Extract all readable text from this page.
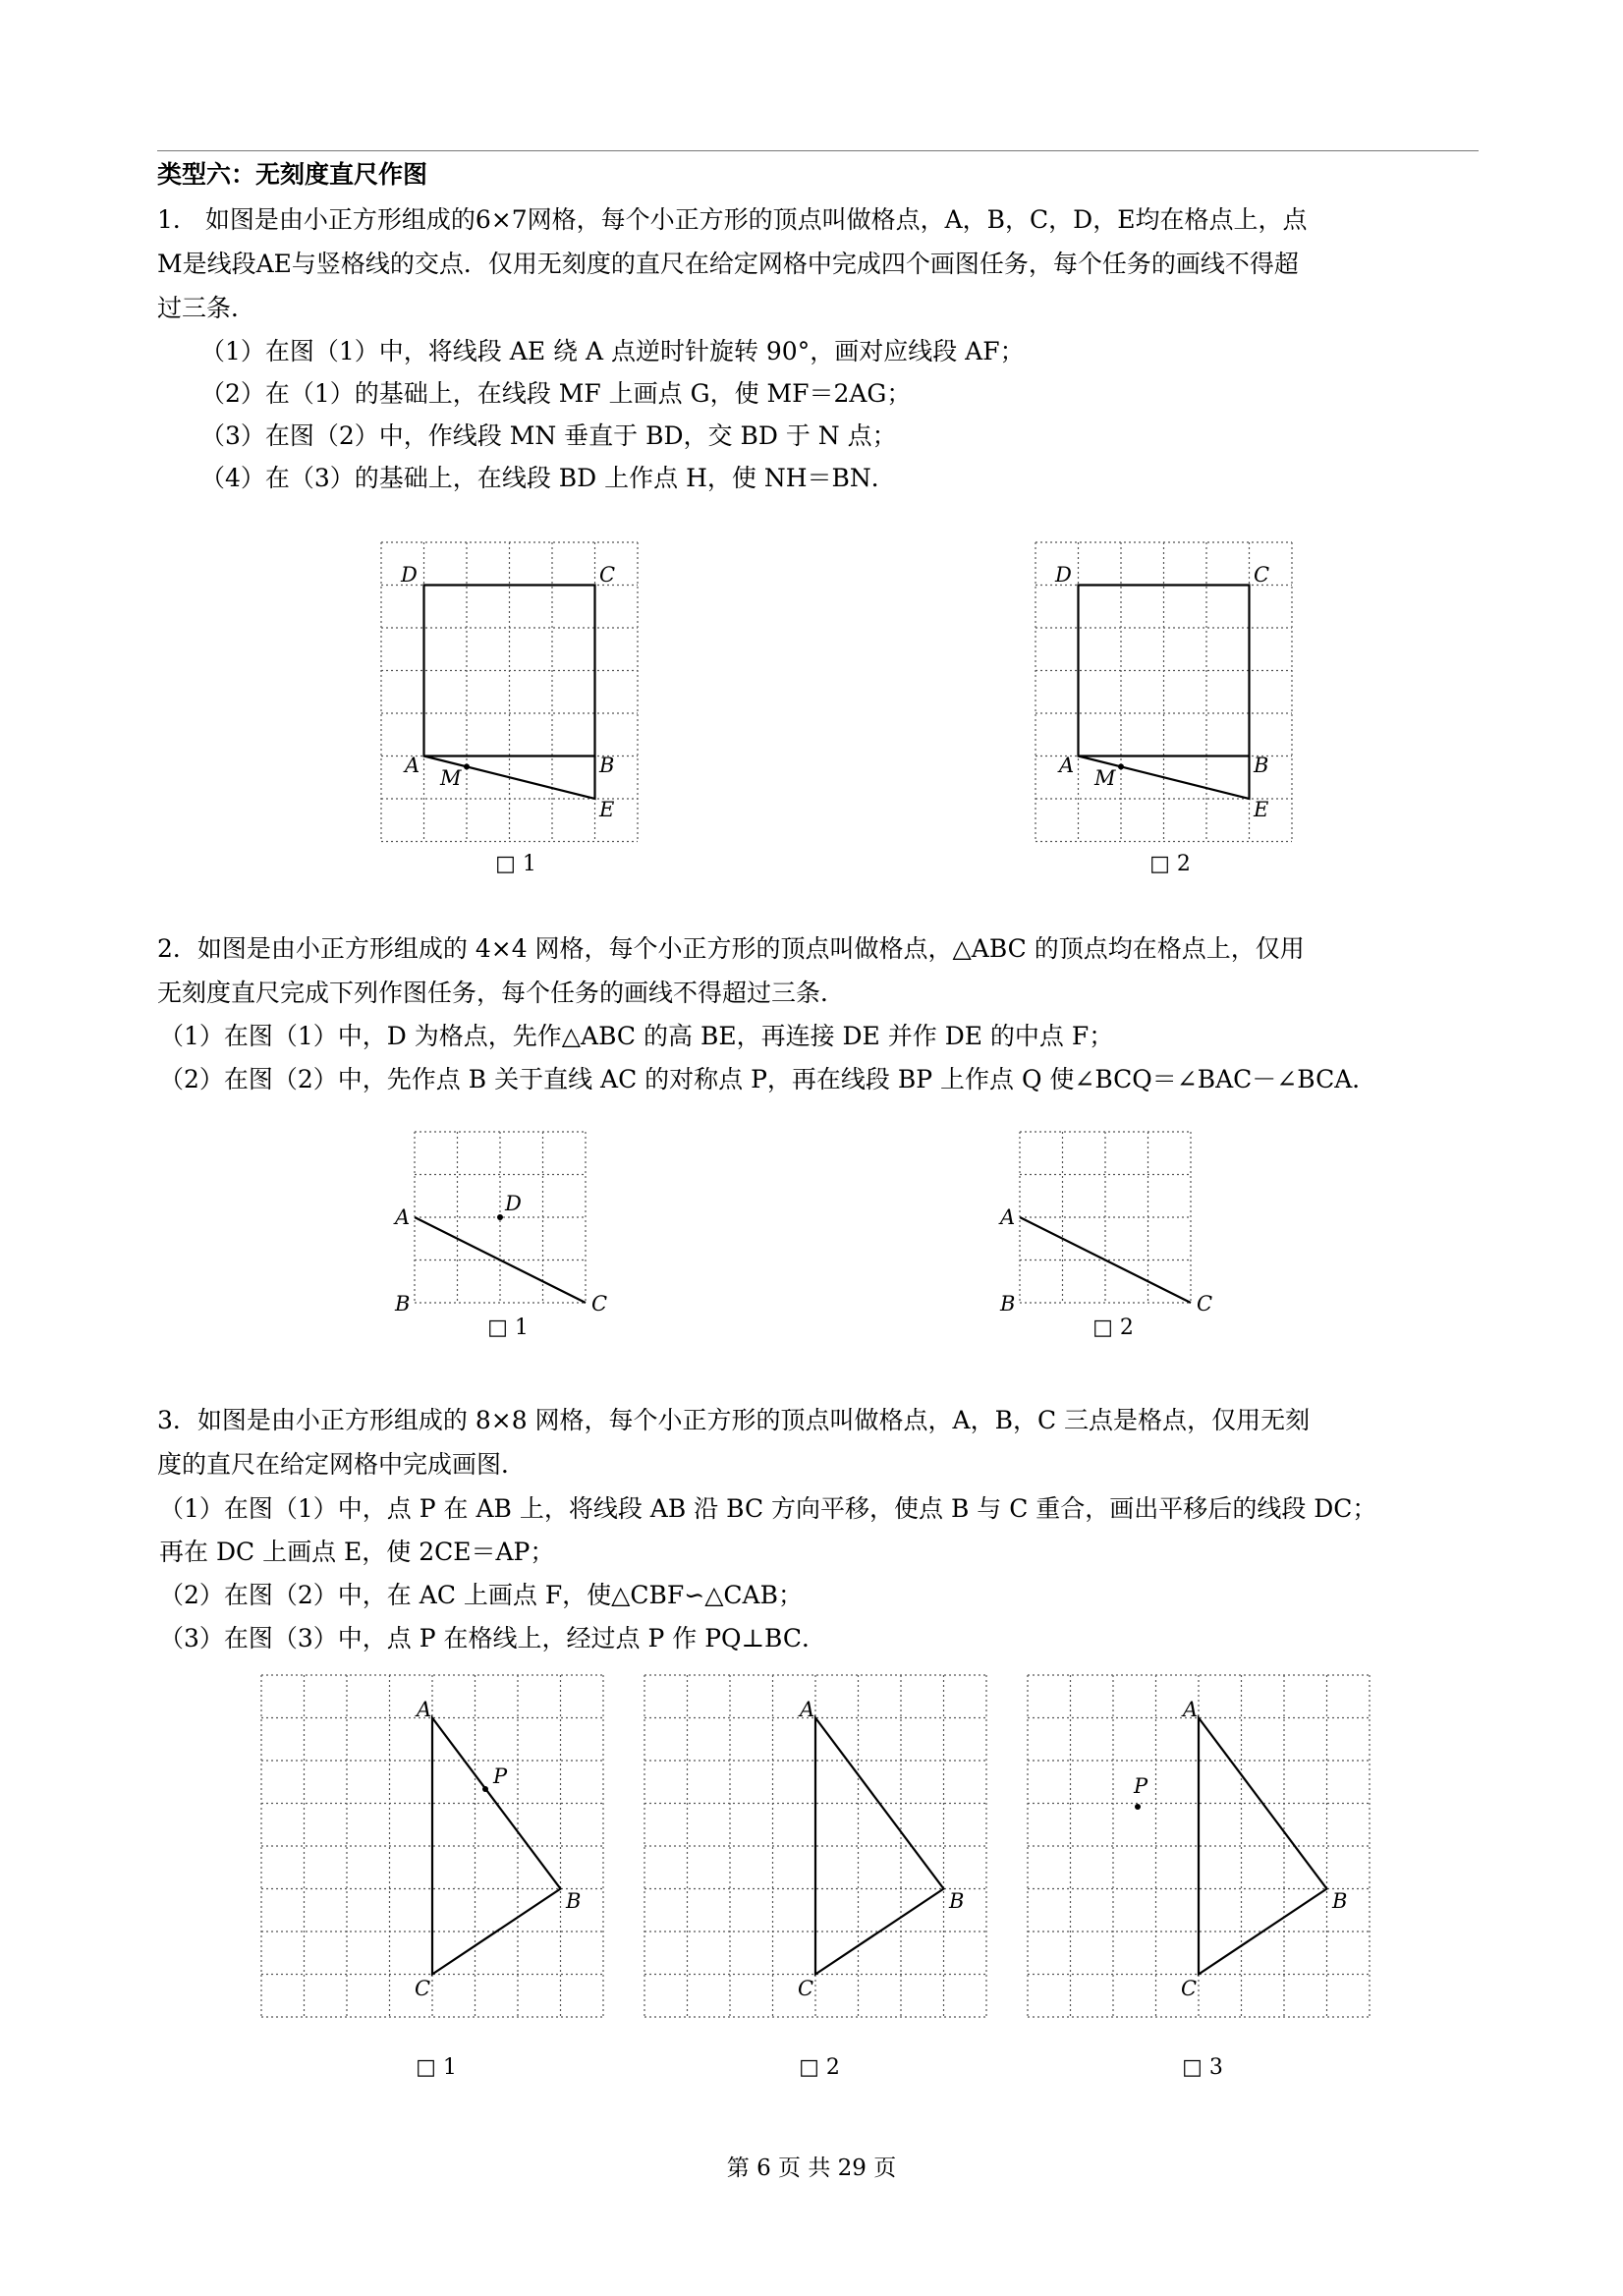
类型六：无刻度直尺作图
1． 如图是由小正方形组成的6×7网格，每个小正方形的顶点叫做格点，A，B，C，D，E均在格点上，点
M是线段AE与竖格线的交点．仅用无刻度的直尺在给定网格中完成四个画图任务，每个任务的画线不得超
过三条．
（1）在图（1）中，将线段 AE 绕 A 点逆时针旋转 90°，画对应线段 AF；
（2）在（1）的基础上，在线段 MF 上画点 G，使 MF＝2AG；
（3）在图（2）中，作线段 MN 垂直于 BD，交 BD 于 N 点；
（4）在（3）的基础上，在线段 BD 上作点 H，使 NH＝BN．
D	C
A	B
E
M
□ 1
D	C
A	B
E
M
□ 2
2．如图是由小正方形组成的 4×4 网格，每个小正方形的顶点叫做格点，△ABC 的顶点均在格点上，仅用
无刻度直尺完成下列作图任务，每个任务的画线不得超过三条．
（1）在图（1）中，D 为格点，先作△ABC 的高 BE，再连接 DE 并作 DE 的中点 F；
（2）在图（2）中，先作点 B 关于直线 AC 的对称点 P，再在线段 BP 上作点 Q 使∠BCQ＝∠BAC－∠BCA．
A
B	C
D
□ 1
A
B	C
□ 2
3．如图是由小正方形组成的 8×8 网格，每个小正方形的顶点叫做格点，A，B，C 三点是格点，仅用无刻
度的直尺在给定网格中完成画图．
（1）在图（1）中，点 P 在 AB 上，将线段 AB 沿 BC 方向平移，使点 B 与 C 重合，画出平移后的线段 DC；
再在 DC 上画点 E，使 2CE＝AP；
（2）在图（2）中，在 AC 上画点 F，使△CBF∽△CAB；
（3）在图（3）中，点 P 在格线上，经过点 P 作 PQ⊥BC．
A
B
C
P
□ 1
A
B
C
□ 2
A
B
C
P
□ 3
第 6 页 共 29 页
